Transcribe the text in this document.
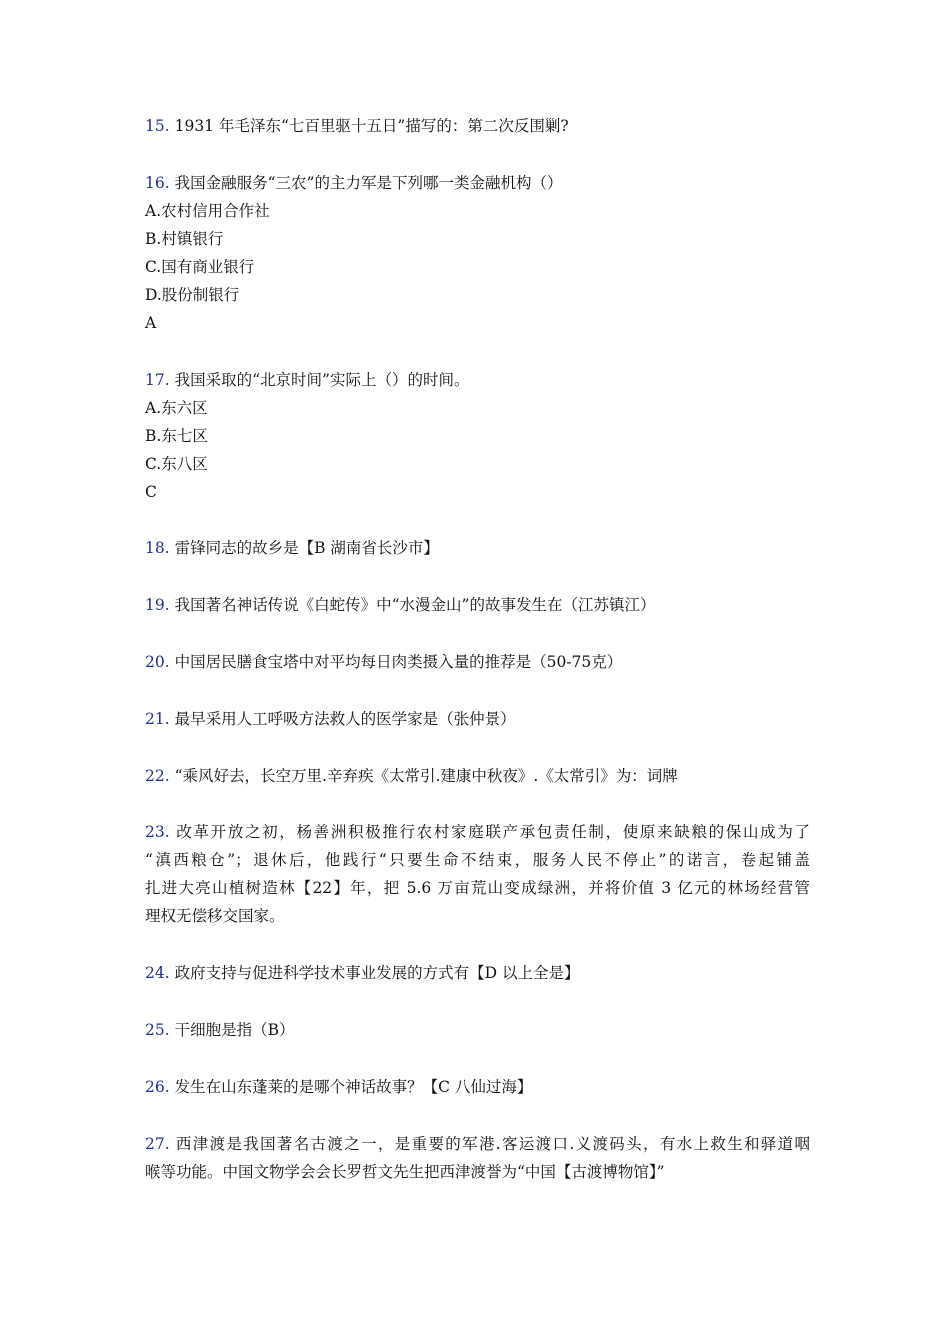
15. 1931 年毛泽东“七百里驱十五日”描写的：第二次反围剿?
16. 我国金融服务“三农”的主力军是下列哪一类金融机构（）
A.农村信用合作社
B.村镇银行
C.国有商业银行
D.股份制银行
A
17. 我国采取的“北京时间”实际上（）的时间。
A.东六区
B.东七区
C.东八区
C
18. 雷锋同志的故乡是【B 湖南省长沙市】
19. 我国著名神话传说《白蛇传》中“水漫金山”的故事发生在（江苏镇江）
20. 中国居民膳食宝塔中对平均每日肉类摄入量的推荐是（50-75克）
21. 最早采用人工呼吸方法救人的医学家是（张仲景）
22. “乘风好去，长空万里.辛弃疾《太常引.建康中秋夜》.《太常引》为：词牌
23. 改革开放之初，杨善洲积极推行农村家庭联产承包责任制，使原来缺粮的保山成为了
“滇西粮仓”；退休后，他践行“只要生命不结束，服务人民不停止”的诺言，卷起铺盖
扎进大亮山植树造林【22】年，把 5.6 万亩荒山变成绿洲，并将价值 3 亿元的林场经营管
理权无偿移交国家。
24. 政府支持与促进科学技术事业发展的方式有【D 以上全是】
25. 干细胞是指（B）
26. 发生在山东蓬莱的是哪个神话故事？【C 八仙过海】
27. 西津渡是我国著名古渡之一，是重要的军港.客运渡口.义渡码头，有水上救生和驿道咽
喉等功能。中国文物学会会长罗哲文先生把西津渡誉为“中国【古渡博物馆】”
